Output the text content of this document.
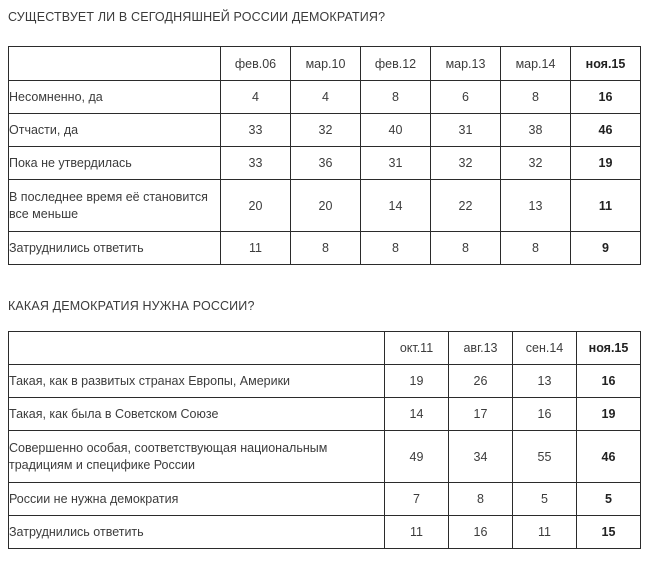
СУЩЕСТВУЕТ ЛИ В СЕГОДНЯШНЕЙ РОССИИ ДЕМОКРАТИЯ?
	фев.06	мар.10	фев.12	мар.13	мар.14	ноя.15
Несомненно, да	4	4	8	6	8	16
Отчасти, да	33	32	40	31	38	46
Пока не утвердилась	33	36	31	32	32	19
В последнее время её становится все меньше	20	20	14	22	13	11
Затруднились ответить	11	8	8	8	8	9
КАКАЯ ДЕМОКРАТИЯ НУЖНА РОССИИ?
	окт.11	авг.13	сен.14	ноя.15
Такая, как в развитых странах Европы, Америки	19	26	13	16
Такая, как была в Советском Союзе	14	17	16	19
Совершенно особая, соответствующая национальным традициям и специфике России	49	34	55	46
России не нужна демократия	7	8	5	5
Затруднились ответить	11	16	11	15
